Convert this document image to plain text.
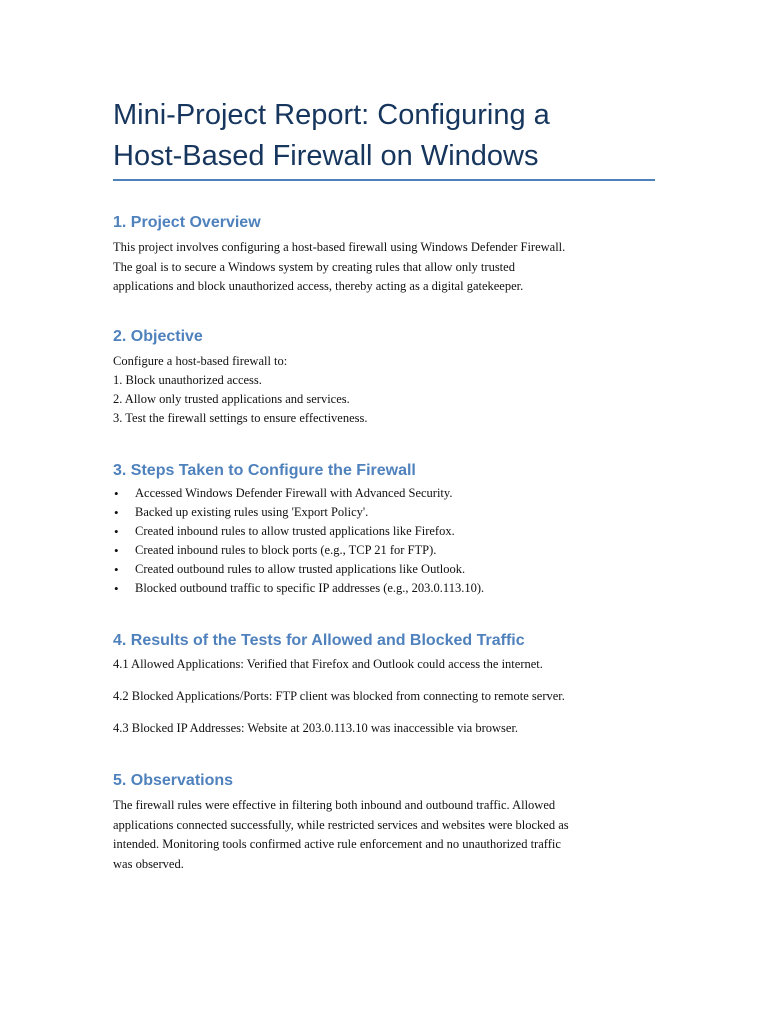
Mini-Project Report: Configuring a
Host-Based Firewall on Windows
1. Project Overview

This project involves configuring a host-based firewall using Windows Defender Firewall.
The goal is to secure a Windows system by creating rules that allow only trusted
applications and block unauthorized access, thereby acting as a digital gatekeeper.

2. Objective
Configure a host-based firewall to:
1. Block unauthorized access.
2. Allow only trusted applications and services.
3. Test the firewall settings to ensure effectiveness.
3. Steps Taken to Configure the Firewall
• Accessed Windows Defender Firewall with Advanced Security.
• Backed up existing rules using 'Export Policy'.
• Created inbound rules to allow trusted applications like Firefox.
• Created inbound rules to block ports (e.g., TCP 21 for FTP).
• Created outbound rules to allow trusted applications like Outlook.
• Blocked outbound traffic to specific IP addresses (e.g., 203.0.113.10).
4. Results of the Tests for Allowed and Blocked Traffic

4.1 Allowed Applications: Verified that Firefox and Outlook could access the internet.

4.2 Blocked Applications/Ports: FTP client was blocked from connecting to remote server.

4.3 Blocked IP Addresses: Website at 203.0.113.10 was inaccessible via browser.

5. Observations

The firewall rules were effective in filtering both inbound and outbound traffic. Allowed
applications connected successfully, while restricted services and websites were blocked as
intended. Monitoring tools confirmed active rule enforcement and no unauthorized traffic
was observed.
